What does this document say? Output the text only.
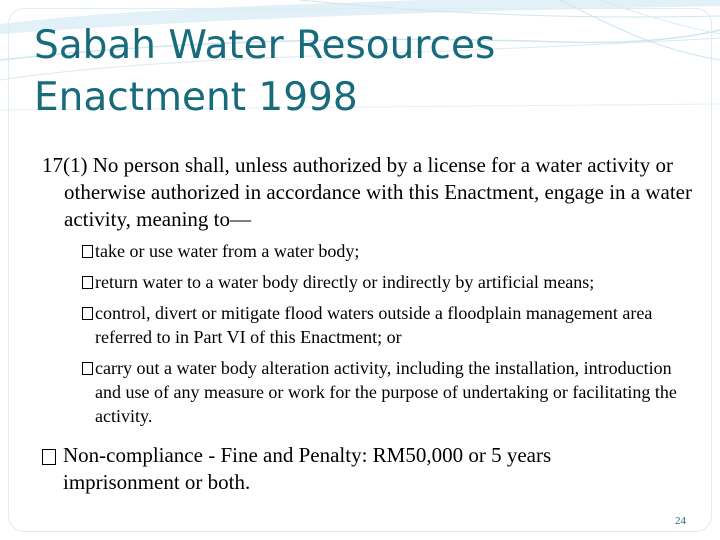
Sabah Water Resources
Enactment 1998

17(1) No person shall, unless authorized by a license for a water activity or otherwise authorized in accordance with this Enactment, engage in a water activity, meaning to—

take or use water from a water body;
return water to a water body directly or indirectly by artificial means;
control, divert or mitigate flood waters outside a floodplain management area referred to in Part VI of this Enactment; or
carry out a water body alteration activity, including the installation, introduction and use of any measure or work for the purpose of undertaking or facilitating the activity.

Non-compliance - Fine and Penalty: RM50,000 or 5 years
imprisonment or both.

24
